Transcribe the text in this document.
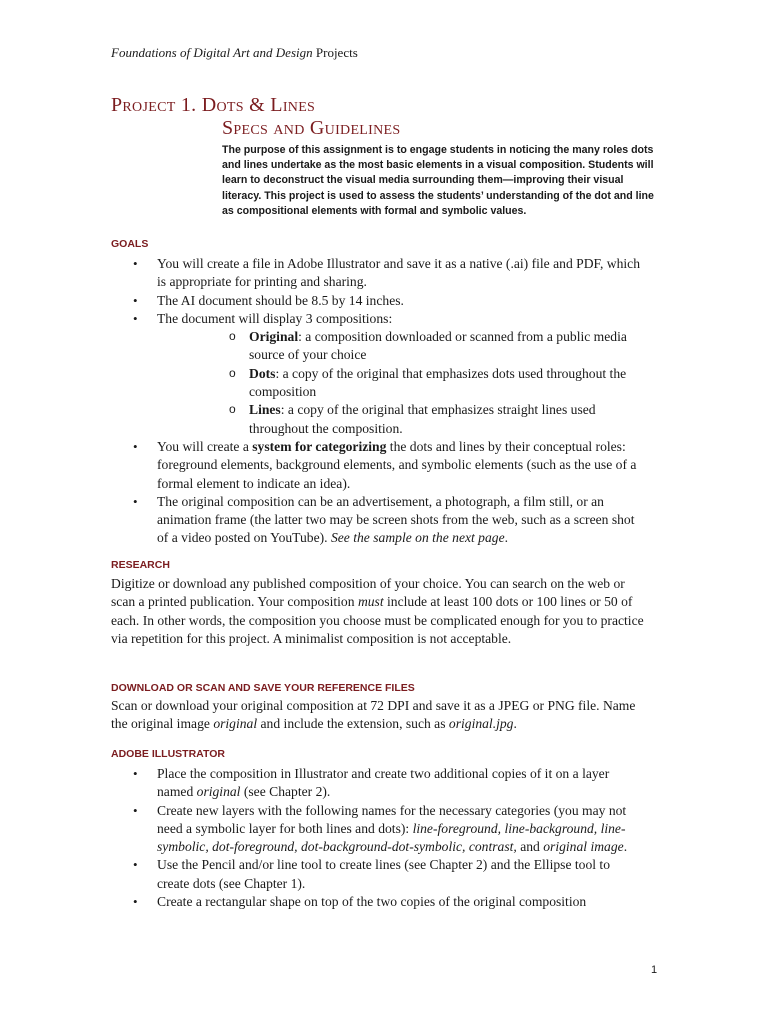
Foundations of Digital Art and Design Projects
Project 1. Dots & Lines
Specs and Guidelines

The purpose of this assignment is to engage students in noticing the many roles dots and lines undertake as the most basic elements in a visual composition. Students will learn to deconstruct the visual media surrounding them—improving their visual literacy. This project is used to assess the students’ understanding of the dot and line as compositional elements with formal and symbolic values.

GOALS
• You will create a file in Adobe Illustrator and save it as a native (.ai) file and PDF, which is appropriate for printing and sharing.
• The AI document should be 8.5 by 14 inches.
• The document will display 3 compositions:
o Original: a composition downloaded or scanned from a public media source of your choice
o Dots: a copy of the original that emphasizes dots used throughout the composition
o Lines: a copy of the original that emphasizes straight lines used throughout the composition.
• You will create a system for categorizing the dots and lines by their conceptual roles: foreground elements, background elements, and symbolic elements (such as the use of a formal element to indicate an idea).
• The original composition can be an advertisement, a photograph, a film still, or an animation frame (the latter two may be screen shots from the web, such as a screen shot of a video posted on YouTube). See the sample on the next page.
RESEARCH

Digitize or download any published composition of your choice. You can search on the web or scan a printed publication. Your composition must include at least 100 dots or 100 lines or 50 of each. In other words, the composition you choose must be complicated enough for you to practice via repetition for this project. A minimalist composition is not acceptable.

DOWNLOAD OR SCAN AND SAVE YOUR REFERENCE FILES

Scan or download your original composition at 72 DPI and save it as a JPEG or PNG file. Name the original image original and include the extension, such as original.jpg.

ADOBE ILLUSTRATOR
• Place the composition in Illustrator and create two additional copies of it on a layer named original (see Chapter 2).
• Create new layers with the following names for the necessary categories (you may not need a symbolic layer for both lines and dots): line-foreground, line-background, line-symbolic, dot-foreground, dot-background-dot-symbolic, contrast, and original image.
• Use the Pencil and/or line tool to create lines (see Chapter 2) and the Ellipse tool to create dots (see Chapter 1).
• Create a rectangular shape on top of the two copies of the original composition
1
